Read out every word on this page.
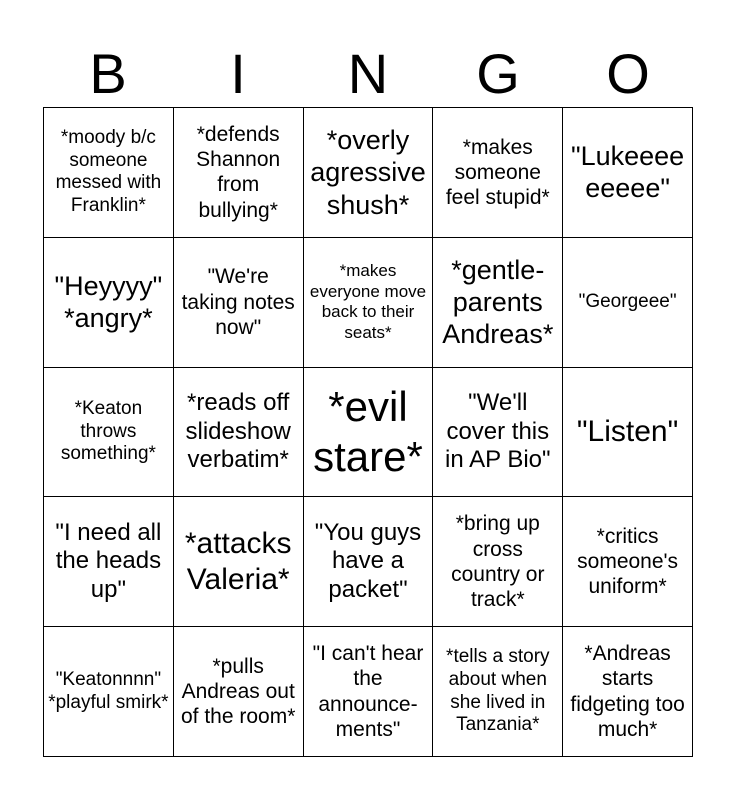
B	I	N	G	O
*moody b/c someone messed with Franklin*
*defends Shannon from bullying*
*overly agressive shush*
*makes someone feel stupid*
"Lukeeee eeeee"
"Heyyyy" *angry*
"We're taking notes now"
*makes everyone move back to their seats*
*gentle-parents Andreas*
"Georgeee"
*Keaton throws something*
*reads off slideshow verbatim*
*evil stare*
"We'll cover this in AP Bio"
"Listen"
"I need all the heads up"
*attacks Valeria*
"You guys have a packet"
*bring up cross country or track*
*critics someone's uniform*
"Keatonnnn" *playful smirk*
*pulls Andreas out of the room*
"I can't hear the announce-ments"
*tells a story about when she lived in Tanzania*
*Andreas starts fidgeting too much*
